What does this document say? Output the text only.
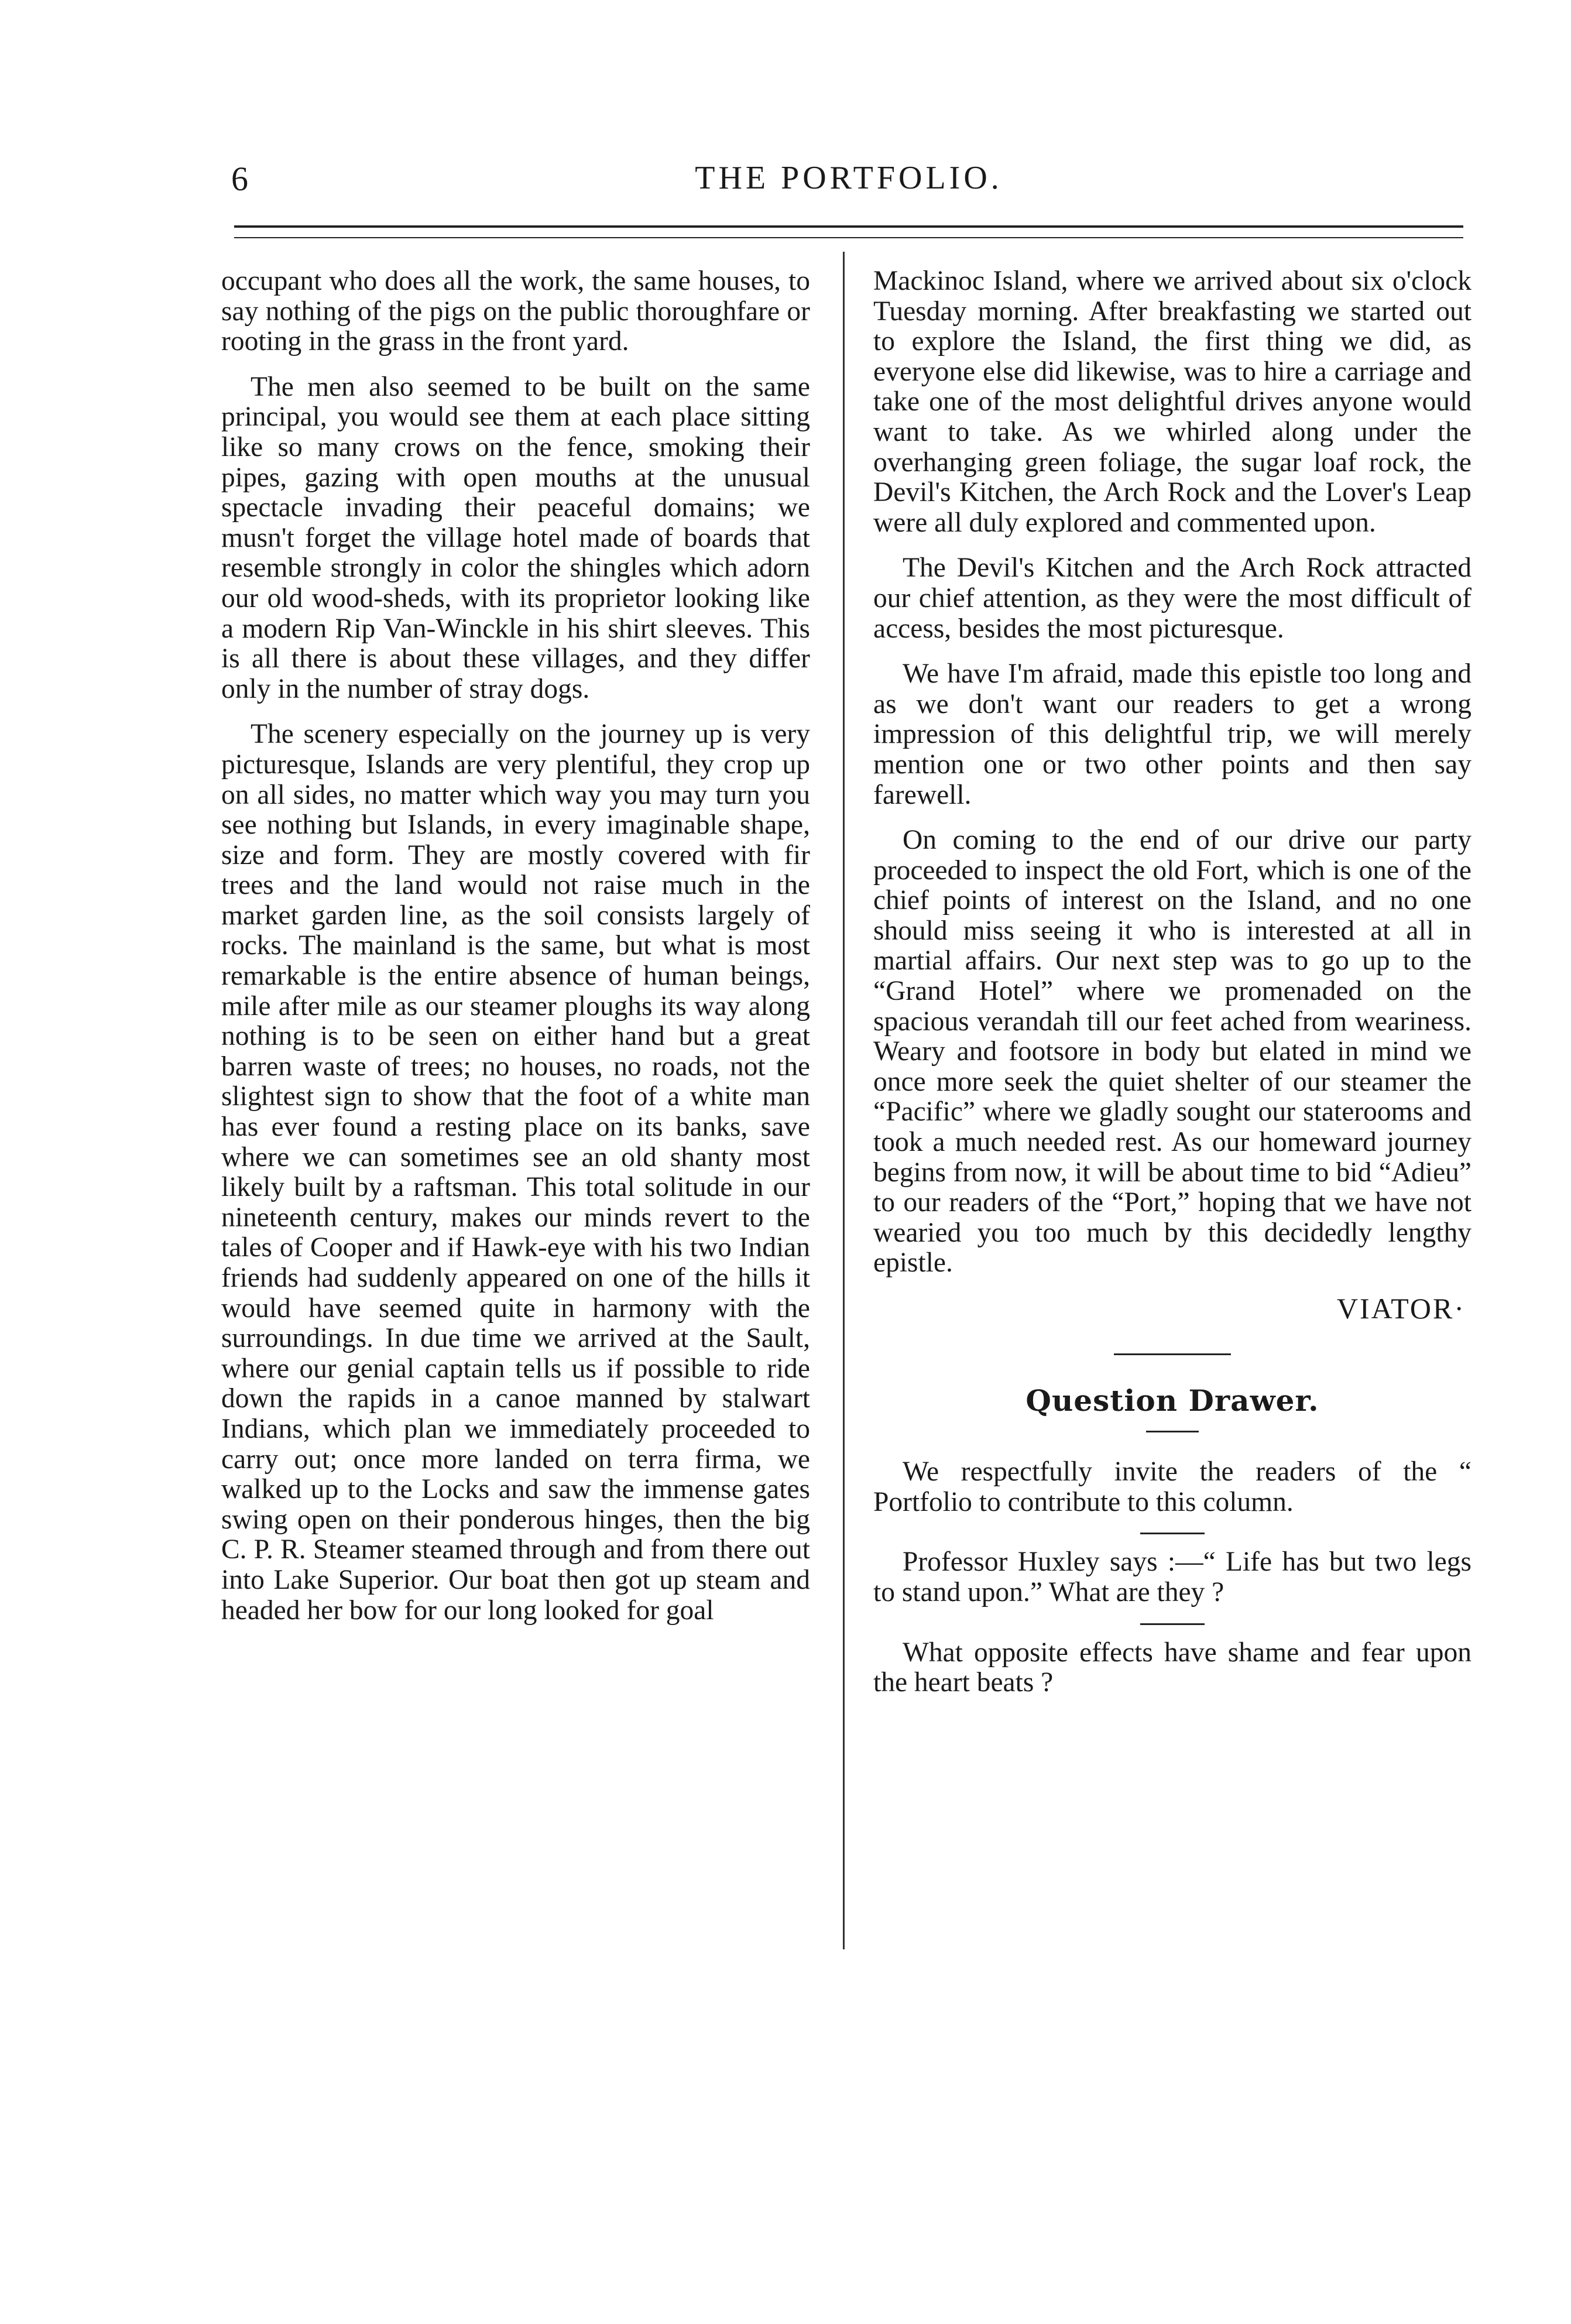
6	THE PORTFOLIO.

occupant who does all the work, the same houses, to say nothing of the pigs on the public thoroughfare or rooting in the grass in the front yard.

The men also seemed to be built on the same principal, you would see them at each place sitting like so many crows on the fence, smoking their pipes, gazing with open mouths at the unusual spectacle invading their peaceful domains; we musn't forget the village hotel made of boards that resemble strongly in color the shingles which adorn our old wood-sheds, with its proprietor looking like a modern Rip Van-Winckle in his shirt sleeves. This is all there is about these villages, and they differ only in the number of stray dogs.

The scenery especially on the journey up is very picturesque, Islands are very plentiful, they crop up on all sides, no matter which way you may turn you see nothing but Islands, in every imaginable shape, size and form. They are mostly covered with fir trees and the land would not raise much in the market garden line, as the soil consists largely of rocks. The mainland is the same, but what is most remarkable is the entire absence of human beings, mile after mile as our steamer ploughs its way along nothing is to be seen on either hand but a great barren waste of trees; no houses, no roads, not the slightest sign to show that the foot of a white man has ever found a resting place on its banks, save where we can sometimes see an old shanty most likely built by a raftsman. This total solitude in our nineteenth century, makes our minds revert to the tales of Cooper and if Hawk-eye with his two Indian friends had suddenly appeared on one of the hills it would have seemed quite in harmony with the surroundings. In due time we arrived at the Sault, where our genial captain tells us if possible to ride down the rapids in a canoe manned by stalwart Indians, which plan we immediately proceeded to carry out; once more landed on terra firma, we walked up to the Locks and saw the immense gates swing open on their ponderous hinges, then the big C. P. R. Steamer steamed through and from there out into Lake Superior. Our boat then got up steam and headed her bow for our long looked for goal

Mackinoc Island, where we arrived about six o'clock Tuesday morning. After breakfasting we started out to explore the Island, the first thing we did, as everyone else did likewise, was to hire a carriage and take one of the most delightful drives anyone would want to take. As we whirled along under the overhanging green foliage, the sugar loaf rock, the Devil's Kitchen, the Arch Rock and the Lover's Leap were all duly explored and commented upon.

The Devil's Kitchen and the Arch Rock attracted our chief attention, as they were the most difficult of access, besides the most picturesque.

We have I'm afraid, made this epistle too long and as we don't want our readers to get a wrong impression of this delightful trip, we will merely mention one or two other points and then say farewell.

On coming to the end of our drive our party proceeded to inspect the old Fort, which is one of the chief points of interest on the Island, and no one should miss seeing it who is interested at all in martial affairs. Our next step was to go up to the “Grand Hotel” where we promenaded on the spacious verandah till our feet ached from weariness. Weary and footsore in body but elated in mind we once more seek the quiet shelter of our steamer the “Pacific” where we gladly sought our staterooms and took a much needed rest. As our homeward journey begins from now, it will be about time to bid “Adieu” to our readers of the “Port,” hoping that we have not wearied you too much by this decidedly lengthy epistle.

VIATOR·
Question Drawer.

We respectfully invite the readers of the “ Portfolio to contribute to this column.

Professor Huxley says :—“ Life has but two legs to stand upon.” What are they ?

What opposite effects have shame and fear upon the heart beats ?
